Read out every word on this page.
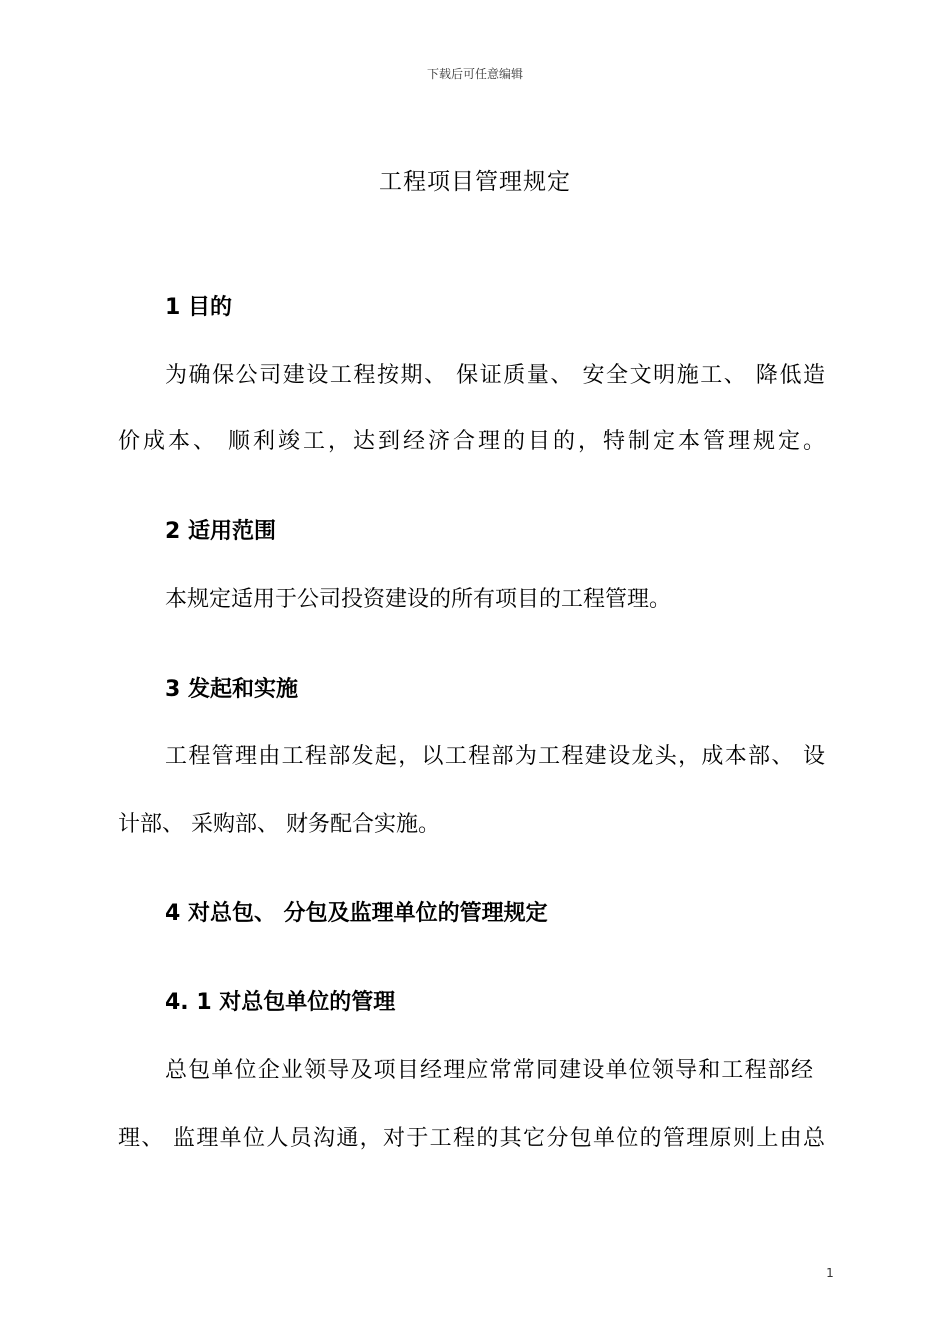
下载后可任意编辑
工程项目管理规定
1 目的
为确保公司建设工程按期、 保证质量、 安全文明施工、 降低造
价成本、 顺利竣工，达到经济合理的目的，特制定本管理规定。
2 适用范围
本规定适用于公司投资建设的所有项目的工程管理。
3 发起和实施
工程管理由工程部发起，以工程部为工程建设龙头，成本部、 设
计部、 采购部、 财务配合实施。
4 对总包、 分包及监理单位的管理规定
4. 1 对总包单位的管理
总包单位企业领导及项目经理应常常同建设单位领导和工程部经
理、 监理单位人员沟通，对于工程的其它分包单位的管理原则上由总
1
